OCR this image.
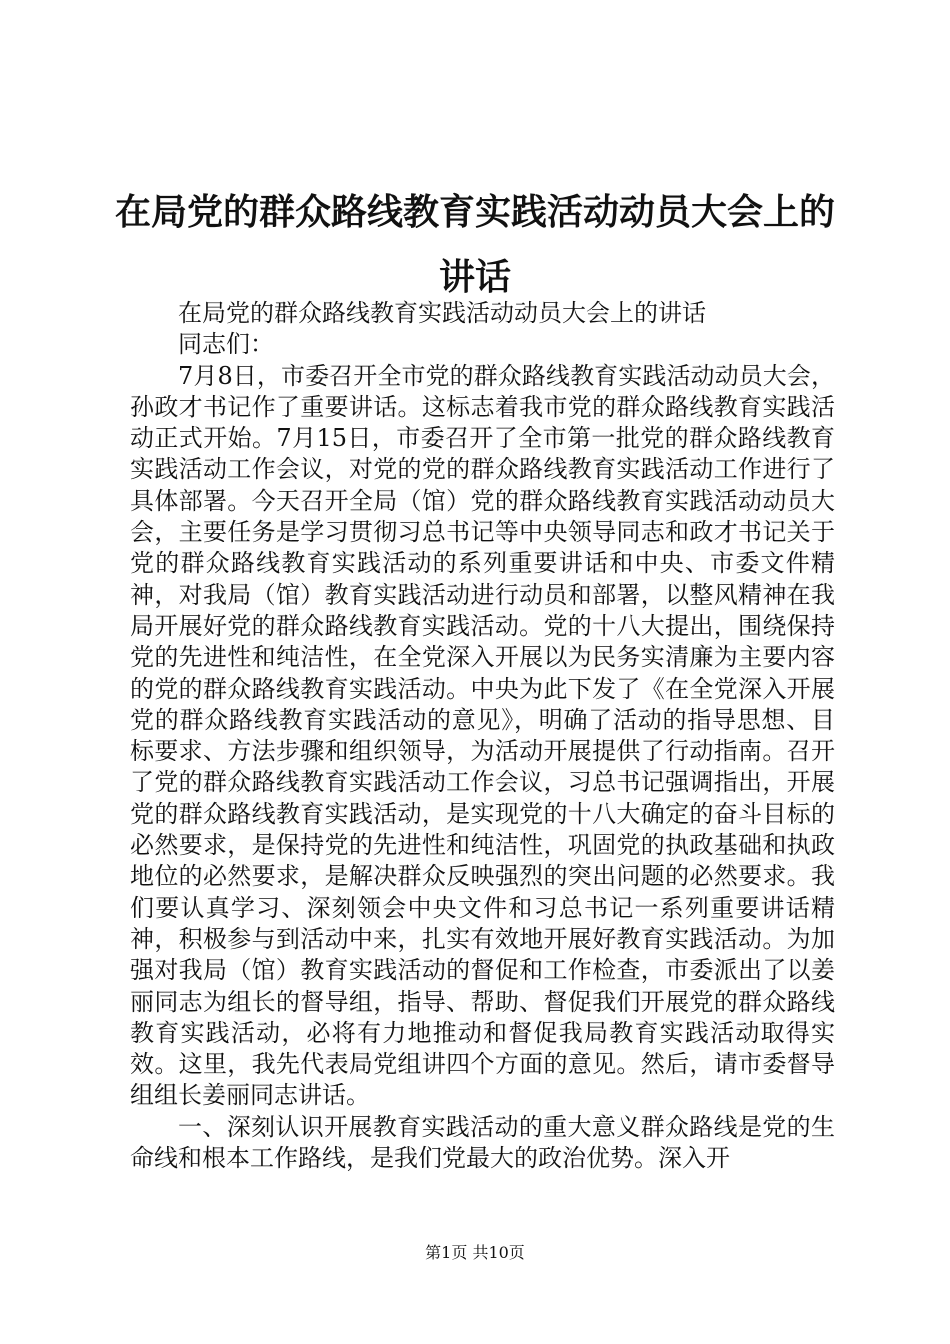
在局党的群众路线教育实践活动动员大会上的讲话

在局党的群众路线教育实践活动动员大会上的讲话

同志们：

7月8日，市委召开全市党的群众路线教育实践活动动员大会，孙政才书记作了重要讲话。这标志着我市党的群众路线教育实践活动正式开始。7月15日，市委召开了全市第一批党的群众路线教育实践活动工作会议，对党的党的群众路线教育实践活动工作进行了具体部署。今天召开全局（馆）党的群众路线教育实践活动动员大会，主要任务是学习贯彻习总书记等中央领导同志和政才书记关于党的群众路线教育实践活动的系列重要讲话和中央、市委文件精神，对我局（馆）教育实践活动进行动员和部署，以整风精神在我局开展好党的群众路线教育实践活动。党的十八大提出，围绕保持党的先进性和纯洁性，在全党深入开展以为民务实清廉为主要内容的党的群众路线教育实践活动。中央为此下发了《在全党深入开展党的群众路线教育实践活动的意见》，明确了活动的指导思想、目标要求、方法步骤和组织领导，为活动开展提供了行动指南。召开了党的群众路线教育实践活动工作会议，习总书记强调指出，开展党的群众路线教育实践活动，是实现党的十八大确定的奋斗目标的必然要求，是保持党的先进性和纯洁性，巩固党的执政基础和执政地位的必然要求，是解决群众反映强烈的突出问题的必然要求。我们要认真学习、深刻领会中央文件和习总书记一系列重要讲话精神，积极参与到活动中来，扎实有效地开展好教育实践活动。为加强对我局（馆）教育实践活动的督促和工作检查，市委派出了以姜丽同志为组长的督导组，指导、帮助、督促我们开展党的群众路线教育实践活动，必将有力地推动和督促我局教育实践活动取得实效。这里，我先代表局党组讲四个方面的意见。然后，请市委督导组组长姜丽同志讲话。

一、深刻认识开展教育实践活动的重大意义群众路线是党的生命线和根本工作路线，是我们党最大的政治优势。深入开

第1页 共10页
